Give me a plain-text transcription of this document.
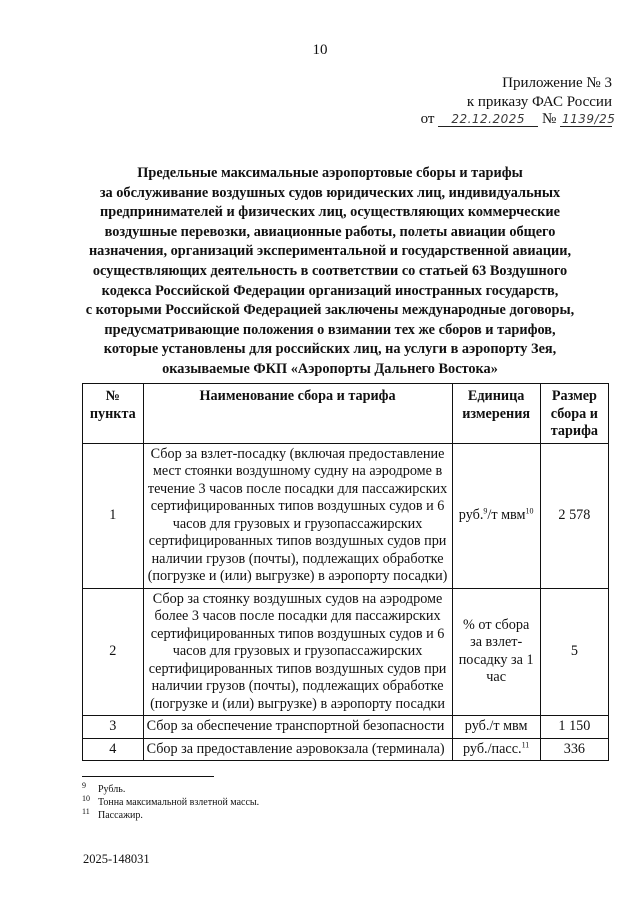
10
Приложение № 3
к приказу ФАС России
от 22.12.2025 № 1139/25
Предельные максимальные аэропортовые сборы и тарифы
за обслуживание воздушных судов юридических лиц, индивидуальных
предпринимателей и физических лиц, осуществляющих коммерческие
воздушные перевозки, авиационные работы, полеты авиации общего
назначения, организаций экспериментальной и государственной авиации,
осуществляющих деятельность в соответствии со статьей 63 Воздушного
кодекса Российской Федерации организаций иностранных государств,
с которыми Российской Федерацией заключены международные договоры,
предусматривающие положения о взимании тех же сборов и тарифов,
которые установлены для российских лиц, на услуги в аэропорту Зея,
оказываемые ФКП «Аэропорты Дальнего Востока»
№ пункта	Наименование сбора и тарифа	Единица измерения	Размер сбора и тарифа
1	Сбор за взлет-посадку (включая предоставление мест стоянки воздушному судну на аэродроме в течение 3 часов после посадки для пассажирских сертифицированных типов воздушных судов и 6 часов для грузовых и грузопассажирских сертифицированных типов воздушных судов при наличии грузов (почты), подлежащих обработке (погрузке и (или) выгрузке) в аэропорту посадки)	руб.$^9$/т мвм$^{10}$	2 578
2	Сбор за стоянку воздушных судов на аэродроме более 3 часов после посадки для пассажирских сертифицированных типов воздушных судов и 6 часов для грузовых и грузопассажирских сертифицированных типов воздушных судов при наличии грузов (почты), подлежащих обработке (погрузке и (или) выгрузке) в аэропорту посадки	% от сбора за взлет-посадку за 1 час	5
3	Сбор за обеспечение транспортной безопасности	руб./т мвм	1 150
4	Сбор за предоставление аэровокзала (терминала)	руб./пасс.$^{11}$	336
$^9$ Рубль.
$^{10}$ Тонна максимальной взлетной массы.
$^{11}$ Пассажир.
2025-148031
